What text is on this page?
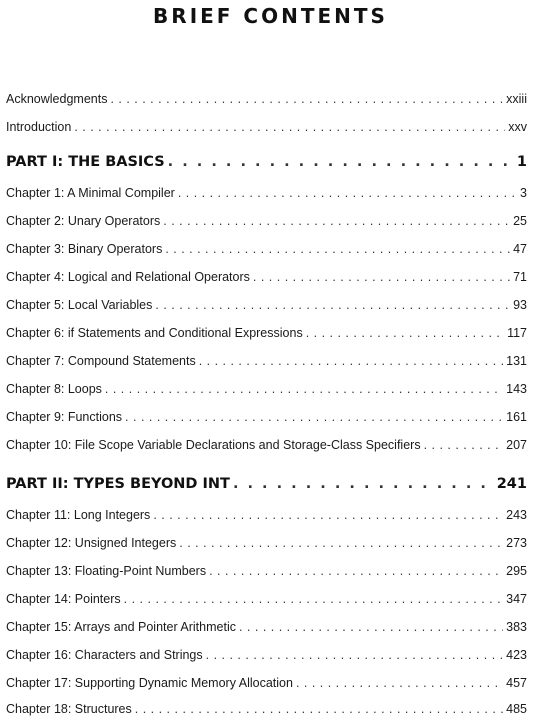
BRIEF CONTENTS
Acknowledgments . . .	xxiii
Introduction . . .	xxv
PART I: THE BASICS . . .	1
Chapter 1: A Minimal Compiler . . .	3
Chapter 2: Unary Operators . . .	25
Chapter 3: Binary Operators . . .	47
Chapter 4: Logical and Relational Operators . . .	71
Chapter 5: Local Variables . . .	93
Chapter 6: if Statements and Conditional Expressions . . .	117
Chapter 7: Compound Statements . . .	131
Chapter 8: Loops . . .	143
Chapter 9: Functions . . .	161
Chapter 10: File Scope Variable Declarations and Storage-Class Specifiers . . .	207
PART II: TYPES BEYOND INT . . .	241
Chapter 11: Long Integers . . .	243
Chapter 12: Unsigned Integers . . .	273
Chapter 13: Floating-Point Numbers . . .	295
Chapter 14: Pointers . . .	347
Chapter 15: Arrays and Pointer Arithmetic . . .	383
Chapter 16: Characters and Strings . . .	423
Chapter 17: Supporting Dynamic Memory Allocation . . .	457
Chapter 18: Structures . . .	485
